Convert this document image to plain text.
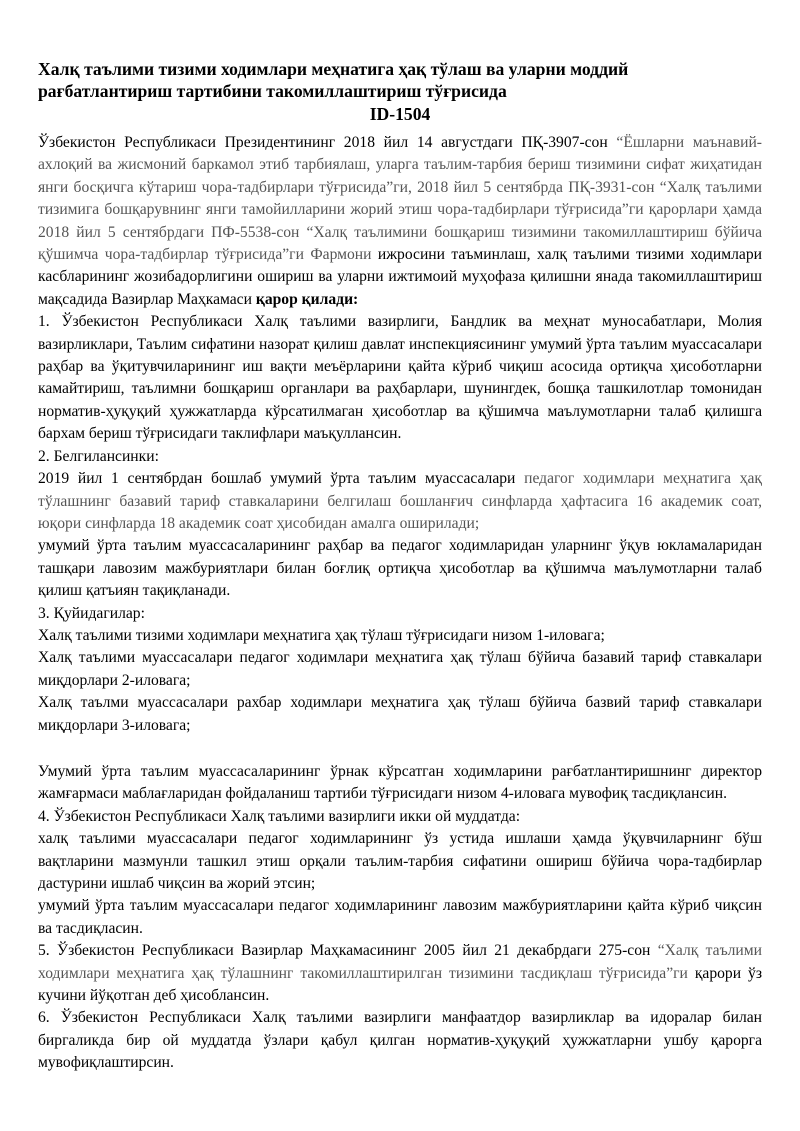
Халқ таълими тизими ходимлари меҳнатига ҳақ тўлаш ва уларни моддий
рағбатлантириш тартибини такомиллаштириш тўғрисида

ID-1504

Ўзбекистон Республикаси Президентининг 2018 йил 14 августдаги ПҚ-3907-сон “Ёшларни маънавий-ахлоқий ва жисмоний баркамол этиб тарбиялаш, уларга таълим-тарбия бериш тизимини сифат жиҳатидан янги босқичга кўтариш чора-тадбирлари тўғрисида”ги, 2018 йил 5 сентябрда ПҚ-3931-сон “Халқ таълими тизимига бошқарувнинг янги тамойилларини жорий этиш чора-тадбирлари тўғрисида”ги қарорлари ҳамда 2018 йил 5 сентябрдаги ПФ-5538-сон “Халқ таълимини бошқариш тизимини такомиллаштириш бўйича қўшимча чора-тадбирлар тўғрисида”ги Фармони ижросини таъминлаш, халқ таълими тизими ходимлари касбларининг жозибадорлигини ошириш ва уларни ижтимоий муҳофаза қилишни янада такомиллаштириш мақсадида Вазирлар Маҳкамаси қарор қилади:

1. Ўзбекистон Республикаси Халқ таълими вазирлиги, Бандлик ва меҳнат муносабатлари, Молия вазирликлари, Таълим сифатини назорат қилиш давлат инспекциясининг умумий ўрта таълим муассасалари раҳбар ва ўқитувчиларининг иш вақти меъёрларини қайта кўриб чиқиш асосида ортиқча ҳисоботларни камайтириш, таълимни бошқариш органлари ва раҳбарлари, шунингдек, бошқа ташкилотлар томонидан норматив-ҳуқуқий ҳужжатларда кўрсатилмаган ҳисоботлар ва қўшимча маълумотларни талаб қилишга бархам бериш тўғрисидаги таклифлари маъқуллансин.

2. Белгилансинки:

2019 йил 1 сентябрдан бошлаб умумий ўрта таълим муассасалари педагог ходимлари меҳнатига ҳақ тўлашнинг базавий тариф ставкаларини белгилаш бошланғич синфларда ҳафтасига 16 академик соат, юқори синфларда 18 академик соат ҳисобидан амалга оширилади;

умумий ўрта таълим муассасаларининг раҳбар ва педагог ходимларидан уларнинг ўқув юкламаларидан ташқари лавозим мажбуриятлари билан боғлиқ ортиқча ҳисоботлар ва қўшимча маълумотларни талаб қилиш қатъиян тақиқланади.

3. Қуйидагилар:

Халқ таълими тизими ходимлари меҳнатига ҳақ тўлаш тўғрисидаги низом 1-иловага;

Халқ таълими муассасалари педагог ходимлари меҳнатига ҳақ тўлаш бўйича базавий тариф ставкалари миқдорлари 2-иловага;

Халқ таълми муассасалари рахбар ходимлари меҳнатига ҳақ тўлаш бўйича базвий тариф ставкалари миқдорлари 3-иловага;

Умумий ўрта таълим муассасаларининг ўрнак кўрсатган ходимларини рағбатлантиришнинг директор жамғармаси маблағларидан фойдаланиш тартиби тўғрисидаги низом 4-иловага мувофиқ тасдиқлансин.

4. Ўзбекистон Республикаси Халқ таълими вазирлиги икки ой муддатда:

халқ таълими муассасалари педагог ходимларининг ўз устида ишлаши ҳамда ўқувчиларнинг бўш вақтларини мазмунли ташкил этиш орқали таълим-тарбия сифатини ошириш бўйича чора-тадбирлар дастурини ишлаб чиқсин ва жорий этсин;

умумий ўрта таълим муассасалари педагог ходимларининг лавозим мажбуриятларини қайта кўриб чиқсин ва тасдиқласин.

5. Ўзбекистон Республикаси Вазирлар Маҳкамасининг 2005 йил 21 декабрдаги 275-сон “Халқ таълими ходимлари меҳнатига ҳақ тўлашнинг такомиллаштирилган тизимини тасдиқлаш тўғрисида”ги қарори ўз кучини йўқотган деб ҳисоблансин.

6. Ўзбекистон Республикаси Халқ таълими вазирлиги манфаатдор вазирликлар ва идоралар билан биргаликда бир ой муддатда ўзлари қабул қилган норматив-ҳуқуқий ҳужжатларни ушбу қарорга мувофиқлаштирсин.
